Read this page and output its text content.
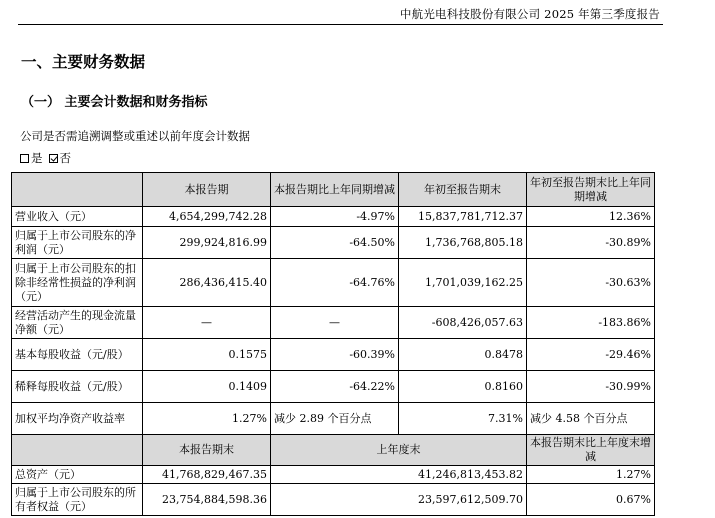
中航光电科技股份有限公司 2025 年第三季度报告
一、主要财务数据
（一） 主要会计数据和财务指标
公司是否需追溯调整或重述以前年度会计数据
是 否
	本报告期	本报告期比上年同期增减	年初至报告期末	年初至报告期末比上年同期增减
营业收入（元）	4,654,299,742.28	-4.97%	15,837,781,712.37	12.36%
归属于上市公司股东的净利润（元）	299,924,816.99	-64.50%	1,736,768,805.18	-30.89%
归属于上市公司股东的扣除非经常性损益的净利润（元）	286,436,415.40	-64.76%	1,701,039,162.25	-30.63%
经营活动产生的现金流量净额（元）	—	—	-608,426,057.63	-183.86%
基本每股收益（元/股）	0.1575	-60.39%	0.8478	-29.46%
稀释每股收益（元/股）	0.1409	-64.22%	0.8160	-30.99%
加权平均净资产收益率	1.27%	减少 2.89 个百分点	7.31%	减少 4.58 个百分点
	本报告期末	上年度末		本报告期末比上年度末增减
总资产（元）	41,768,829,467.35	41,246,813,453.82		1.27%
归属于上市公司股东的所有者权益（元）	23,754,884,598.36	23,597,612,509.70		0.67%
